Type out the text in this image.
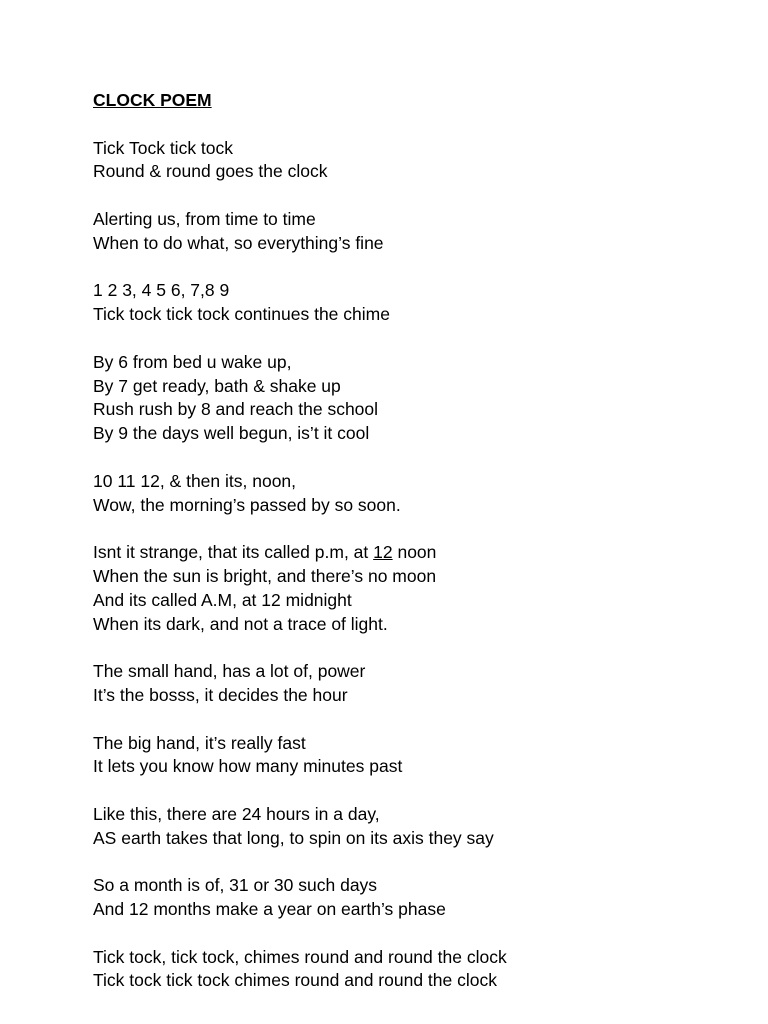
CLOCK POEM
Tick Tock tick tock
Round & round goes the clock
Alerting us, from time to time
When to do what, so everything’s fine
1 2 3, 4 5 6, 7,8 9
Tick tock tick tock continues the chime
By 6 from bed u wake up,
By 7 get ready, bath & shake up
Rush rush by 8 and reach the school
By 9 the days well begun, is’t it cool
10 11 12, & then its, noon,
Wow, the morning’s passed by so soon.
Isnt it strange, that its called p.m, at 12 noon
When the sun is bright, and there’s no moon
And its called A.M, at 12 midnight
When its dark, and not a trace of light.
The small hand, has a lot of, power
It’s the bosss, it decides the hour
The big hand, it’s really fast
It lets you know how many minutes past
Like this, there are 24 hours in a day,
AS earth takes that long, to spin on its axis they say
So a month is of, 31 or 30 such days
And 12 months make a year on earth’s phase
Tick tock, tick tock, chimes round and round the clock
Tick tock tick tock chimes round and round the clock
